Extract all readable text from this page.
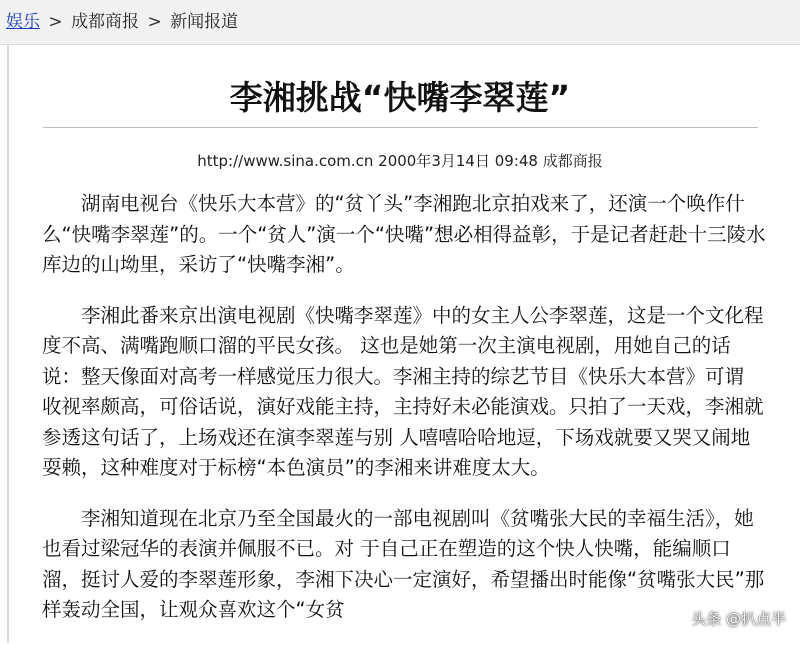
娱乐 > 成都商报 > 新闻报道
李湘挑战“快嘴李翠莲”
http://www.sina.com.cn 2000年3月14日 09:48 成都商报

湖南电视台《快乐大本营》的“贫丫头”李湘跑北京拍戏来了，还演一个唤作什么“快嘴李翠莲”的。一个“贫人”演一个“快嘴”想必相得益彰，于是记者赶赴十三陵水库边的山坳里，采访了“快嘴李湘”。

李湘此番来京出演电视剧《快嘴李翠莲》中的女主人公李翠莲，这是一个文化程度不高、满嘴跑顺口溜的平民女孩。 这也是她第一次主演电视剧，用她自己的话说：整天像面对高考一样感觉压力很大。李湘主持的综艺节目《快乐大本营》可谓 收视率颇高，可俗话说，演好戏能主持，主持好未必能演戏。只拍了一天戏，李湘就参透这句话了，上场戏还在演李翠莲与别 人嘻嘻哈哈地逗，下场戏就要又哭又闹地耍赖，这种难度对于标榜“本色演员”的李湘来讲难度太大。

李湘知道现在北京乃至全国最火的一部电视剧叫《贫嘴张大民的幸福生活》，她也看过梁冠华的表演并佩服不已。对 于自己正在塑造的这个快人快嘴，能编顺口溜，挺讨人爱的李翠莲形象，李湘下决心一定演好，希望播出时能像“贫嘴张大民”那样轰动全国，让观众喜欢这个“女贫	头条 @扒点半
